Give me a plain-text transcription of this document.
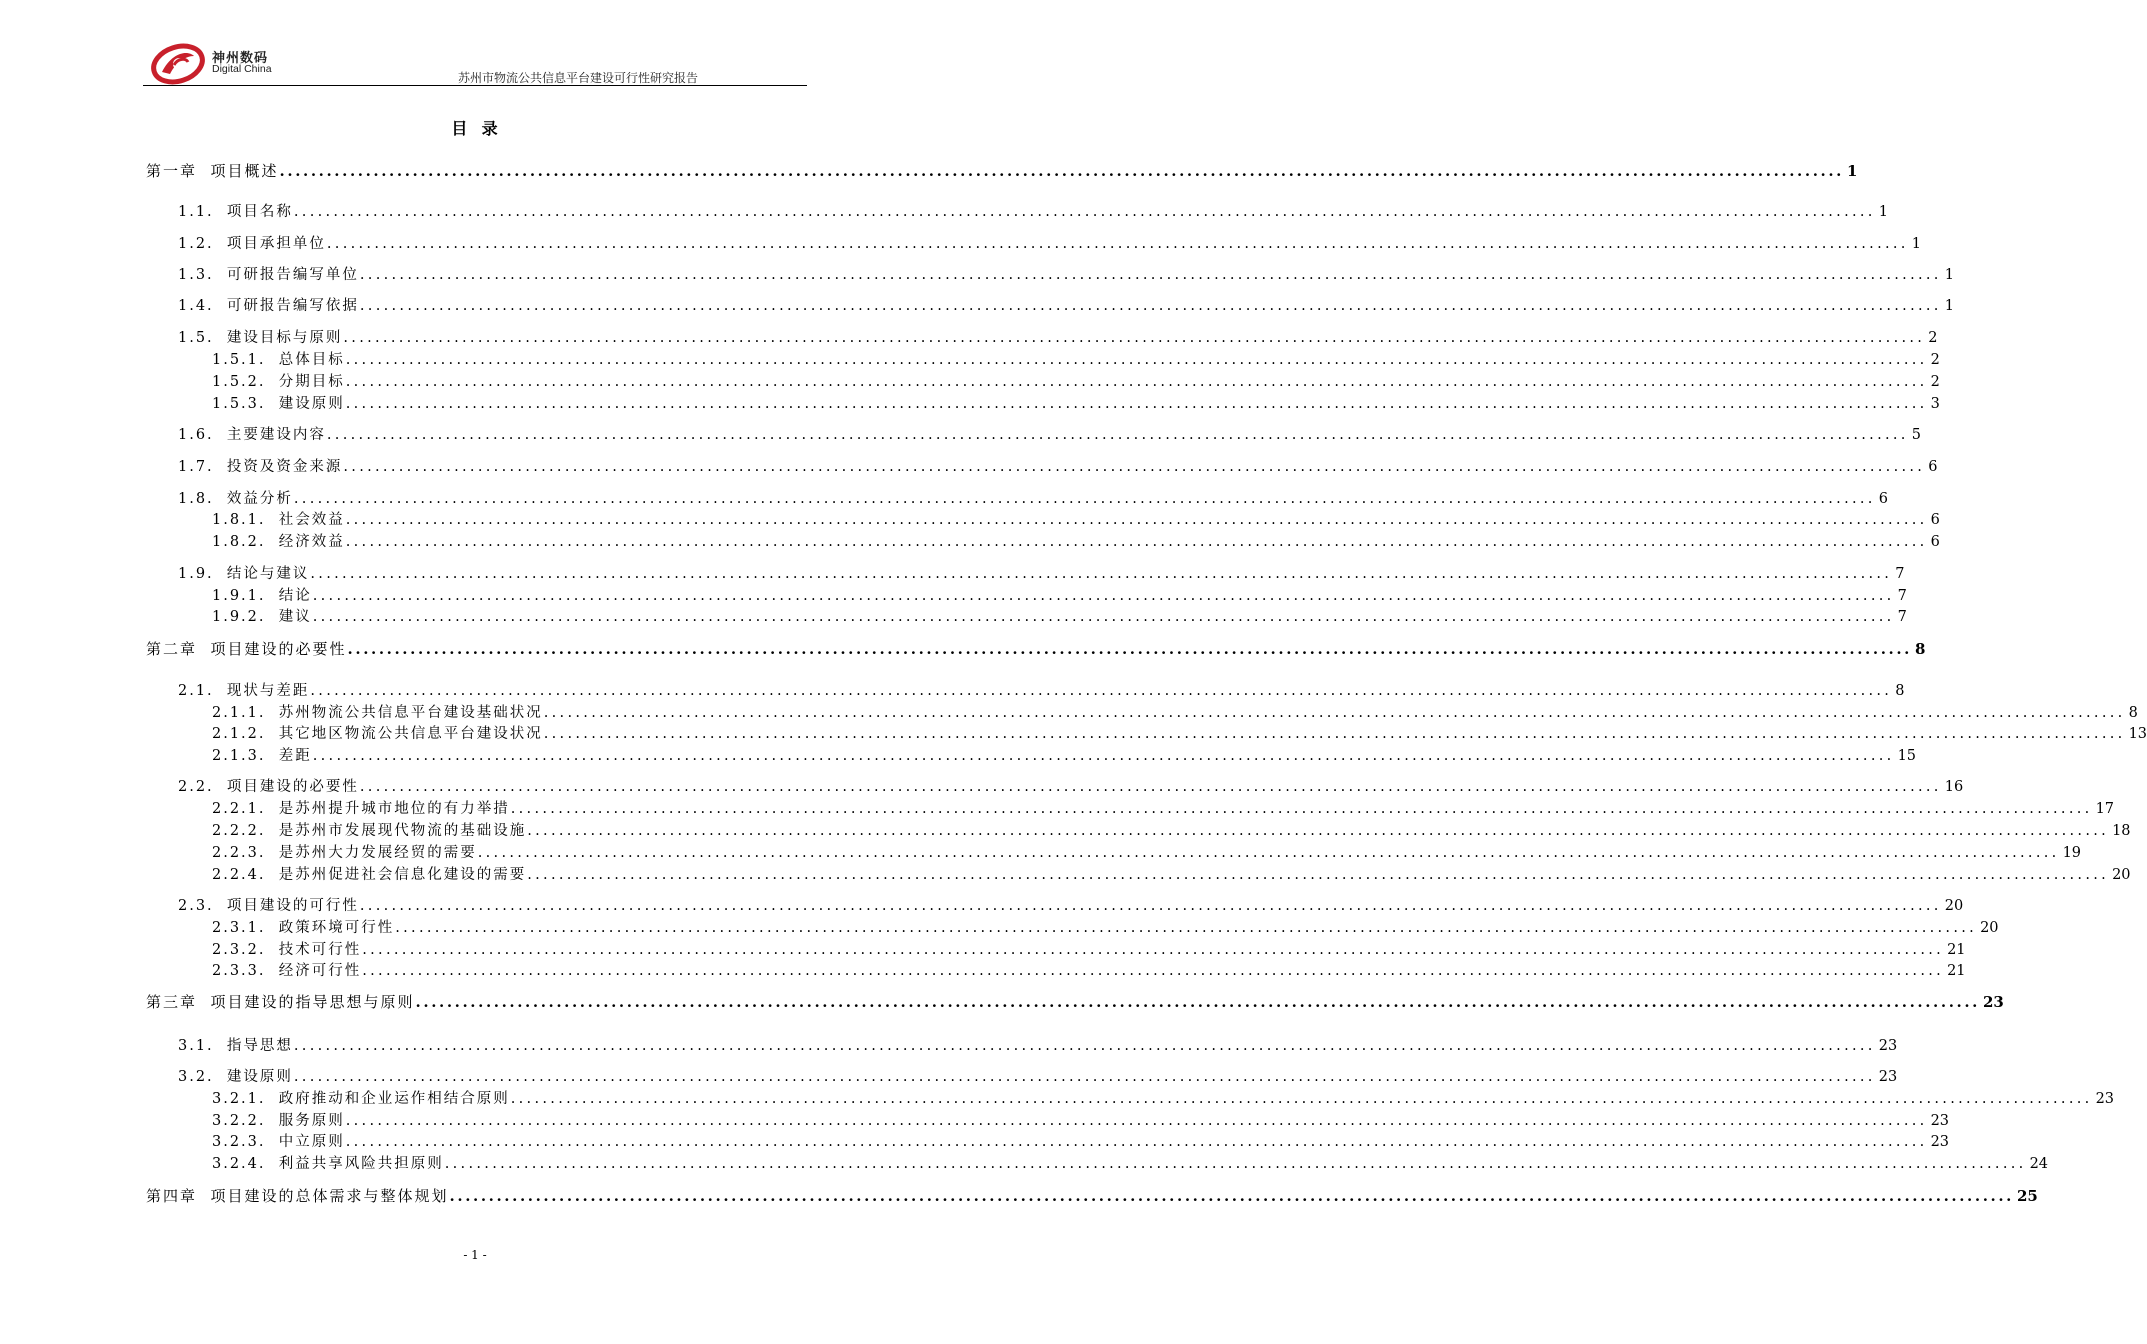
神州数码
Digital China
苏州市物流公共信息平台建设可行性研究报告
目  录
第一章  项目概述 ........................................................................................................................................................................................................ 1
1.1.  项目名称 ........................................................................................................................................................................................................ 1
1.2.  项目承担单位 ........................................................................................................................................................................................................ 1
1.3.  可研报告编写单位 ........................................................................................................................................................................................................ 1
1.4.  可研报告编写依据 ........................................................................................................................................................................................................ 1
1.5.  建设目标与原则 ........................................................................................................................................................................................................ 2
1.5.1.  总体目标 ........................................................................................................................................................................................................ 2
1.5.2.  分期目标 ........................................................................................................................................................................................................ 2
1.5.3.  建设原则 ........................................................................................................................................................................................................ 3
1.6.  主要建设内容 ........................................................................................................................................................................................................ 5
1.7.  投资及资金来源 ........................................................................................................................................................................................................ 6
1.8.  效益分析 ........................................................................................................................................................................................................ 6
1.8.1.  社会效益 ........................................................................................................................................................................................................ 6
1.8.2.  经济效益 ........................................................................................................................................................................................................ 6
1.9.  结论与建议 ........................................................................................................................................................................................................ 7
1.9.1.  结论 ........................................................................................................................................................................................................ 7
1.9.2.  建议 ........................................................................................................................................................................................................ 7
第二章  项目建设的必要性 ........................................................................................................................................................................................................ 8
2.1.  现状与差距 ........................................................................................................................................................................................................ 8
2.1.1.  苏州物流公共信息平台建设基础状况 ........................................................................................................................................................................................................ 8
2.1.2.  其它地区物流公共信息平台建设状况 ........................................................................................................................................................................................................ 13
2.1.3.  差距 ........................................................................................................................................................................................................ 15
2.2.  项目建设的必要性 ........................................................................................................................................................................................................ 16
2.2.1.  是苏州提升城市地位的有力举措 ........................................................................................................................................................................................................ 17
2.2.2.  是苏州市发展现代物流的基础设施 ........................................................................................................................................................................................................ 18
2.2.3.  是苏州大力发展经贸的需要 ........................................................................................................................................................................................................ 19
2.2.4.  是苏州促进社会信息化建设的需要 ........................................................................................................................................................................................................ 20
2.3.  项目建设的可行性 ........................................................................................................................................................................................................ 20
2.3.1.  政策环境可行性 ........................................................................................................................................................................................................ 20
2.3.2.  技术可行性 ........................................................................................................................................................................................................ 21
2.3.3.  经济可行性 ........................................................................................................................................................................................................ 21
第三章  项目建设的指导思想与原则 ........................................................................................................................................................................................................ 23
3.1.  指导思想 ........................................................................................................................................................................................................ 23
3.2.  建设原则 ........................................................................................................................................................................................................ 23
3.2.1.  政府推动和企业运作相结合原则 ........................................................................................................................................................................................................ 23
3.2.2.  服务原则 ........................................................................................................................................................................................................ 23
3.2.3.  中立原则 ........................................................................................................................................................................................................ 23
3.2.4.  利益共享风险共担原则 ........................................................................................................................................................................................................ 24
第四章  项目建设的总体需求与整体规划 ........................................................................................................................................................................................................ 25
- 1 -
